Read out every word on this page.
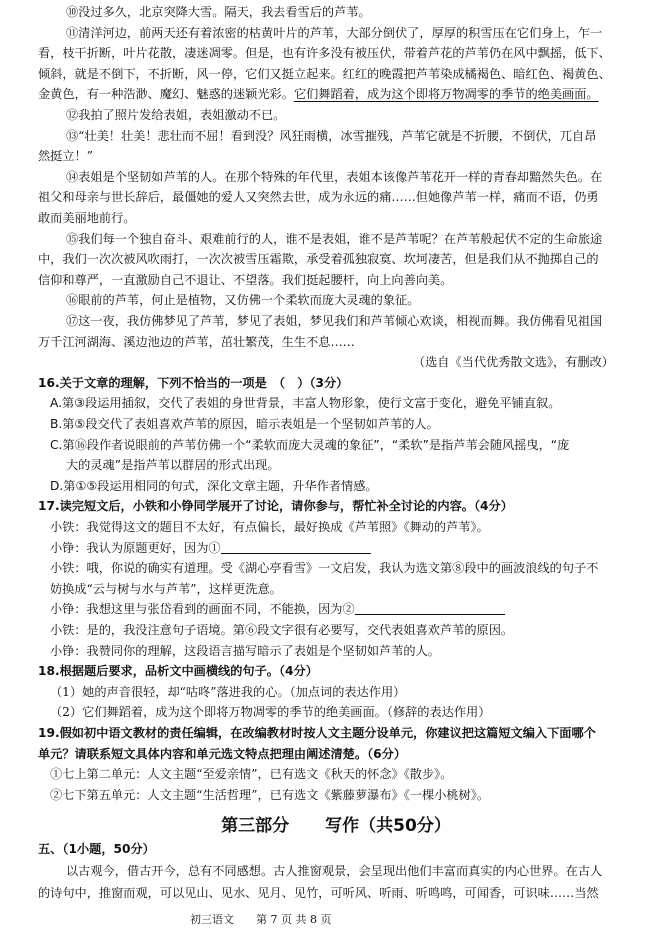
⑩没过多久，北京突降大雪。隔天，我去看雪后的芦苇。
⑪清洋河边，前两天还有着浓密的枯黄叶片的芦苇，大部分倒伏了，厚厚的积雪压在它们身上，乍一
看，枝干折断，叶片花散，凄迷凋零。但是，也有许多没有被压伏，带着芦花的芦苇仍在风中飘摇，低下、
倾斜，就是不倒下，不折断，风一停，它们又挺立起来。红红的晚霞把芦苇染成橘褐色、暗红色、褐黄色、
金黄色，有一种浩渺、魔幻、魅惑的迷颖光彩。它们舞蹈着，成为这个即将万物凋零的季节的绝美画面。
⑫我拍了照片发给表姐，表姐激动不已。
⑬“壮美！壮美！悲壮而不屈！看到没？风狂雨横，冰雪摧残，芦苇它就是不折腰，不倒伏，兀自昂
然挺立！”
⑭表姐是个坚韧如芦苇的人。在那个特殊的年代里，表姐本该像芦苇花开一样的青春却黯然失色。在
祖父和母亲与世长辞后，最僵她的爱人又突然去世，成为永远的痛……但她像芦苇一样，痛而不语，仍勇
敢而美丽地前行。
⑮我们每一个独自奋斗、艰难前行的人，谁不是表姐，谁不是芦苇呢？在芦苇般起伏不定的生命旅途
中，我们一次次被风吹雨打，一次次被雪压霜欺，承受着孤独寂寞、坎坷凄苦，但是我们从不抛掷自己的
信仰和尊严，一直激励自己不退让、不望落。我们挺起腰杆，向上向善向美。
⑯眼前的芦苇，何止是植物，又仿佛一个柔软而庞大灵魂的象征。
⑰这一夜，我仿佛梦见了芦苇，梦见了表姐，梦见我们和芦苇倾心欢谈，相视而舞。我仿佛看见祖国
万千江河湖海、溪边池边的芦苇，茁壮繁茂，生生不息……
（选自《当代优秀散文选》，有删改）
16.关于文章的理解，下列不恰当的一项是　（　）（3分）
A.第③段运用插叙，交代了表姐的身世背景，丰富人物形象，使行文富于变化，避免平铺直叙。
B.第⑤段交代了表姐喜欢芦苇的原因，暗示表姐是一个坚韧如芦苇的人。
C.第⑯段作者说眼前的芦苇仿佛一个“柔软而庞大灵魂的象征”，“柔软”是指芦苇会随风摇曳，“庞
大的灵魂”是指芦苇以群居的形式出现。
D.第①⑤段运用相同的句式，深化文章主题，升华作者情感。
17.读完短文后，小铁和小铮同学展开了讨论，请你参与，帮忙补全讨论的内容。（4分）
小铁：我觉得这文的题目不太好，有点偏长，最好换成《芦苇照》《舞动的芦苇》。
小铮：我认为原题更好，因为①
小铁：哦，你说的确实有道理。受《湖心亭看雪》一文启发，我认为选文第⑧段中的画波浪线的句子不
妨换成“云与树与水与芦苇”，这样更洗意。
小铮：我想这里与张岱看到的画面不同，不能换，因为②
小铁：是的，我没注意句子语境。第⑥段文字很有必要写，交代表姐喜欢芦苇的原因。
小铮：我赞同你的理解，这段语言描写暗示了表姐是个坚韧如芦苇的人。
18.根据题后要求，品析文中画横线的句子。（4分）
（1）她的声音很轻，却“咕咚”落进我的心。（加点词的表达作用）
（2）它们舞蹈着，成为这个即将万物凋零的季节的绝美画面。（修辞的表达作用）
19.假如初中语文教材的责任编辑，在改编教材时按人文主题分设单元，你建议把这篇短文编入下面哪个
单元？请联系短文具体内容和单元选文特点把理由阐述清楚。（6分）
①七上第二单元：人文主题“至爱亲情”，已有选文《秋天的怀念》《散步》。
②七下第五单元：人文主题“生活哲理”，已有选文《紫藤萝瀑布》《一棵小桃树》。
第三部分 写作（共50分）
五、（1小题，50分）
以古观今，借古开今，总有不同感想。古人推窗观景，会呈现出他们丰富而真实的内心世界。在古人
的诗句中，推窗而观，可以见山、见水、见月、见竹，可听风、听雨、听鸣鸣，可闻香，可识味……当然
初三语文 第 7 页 共 8 页
